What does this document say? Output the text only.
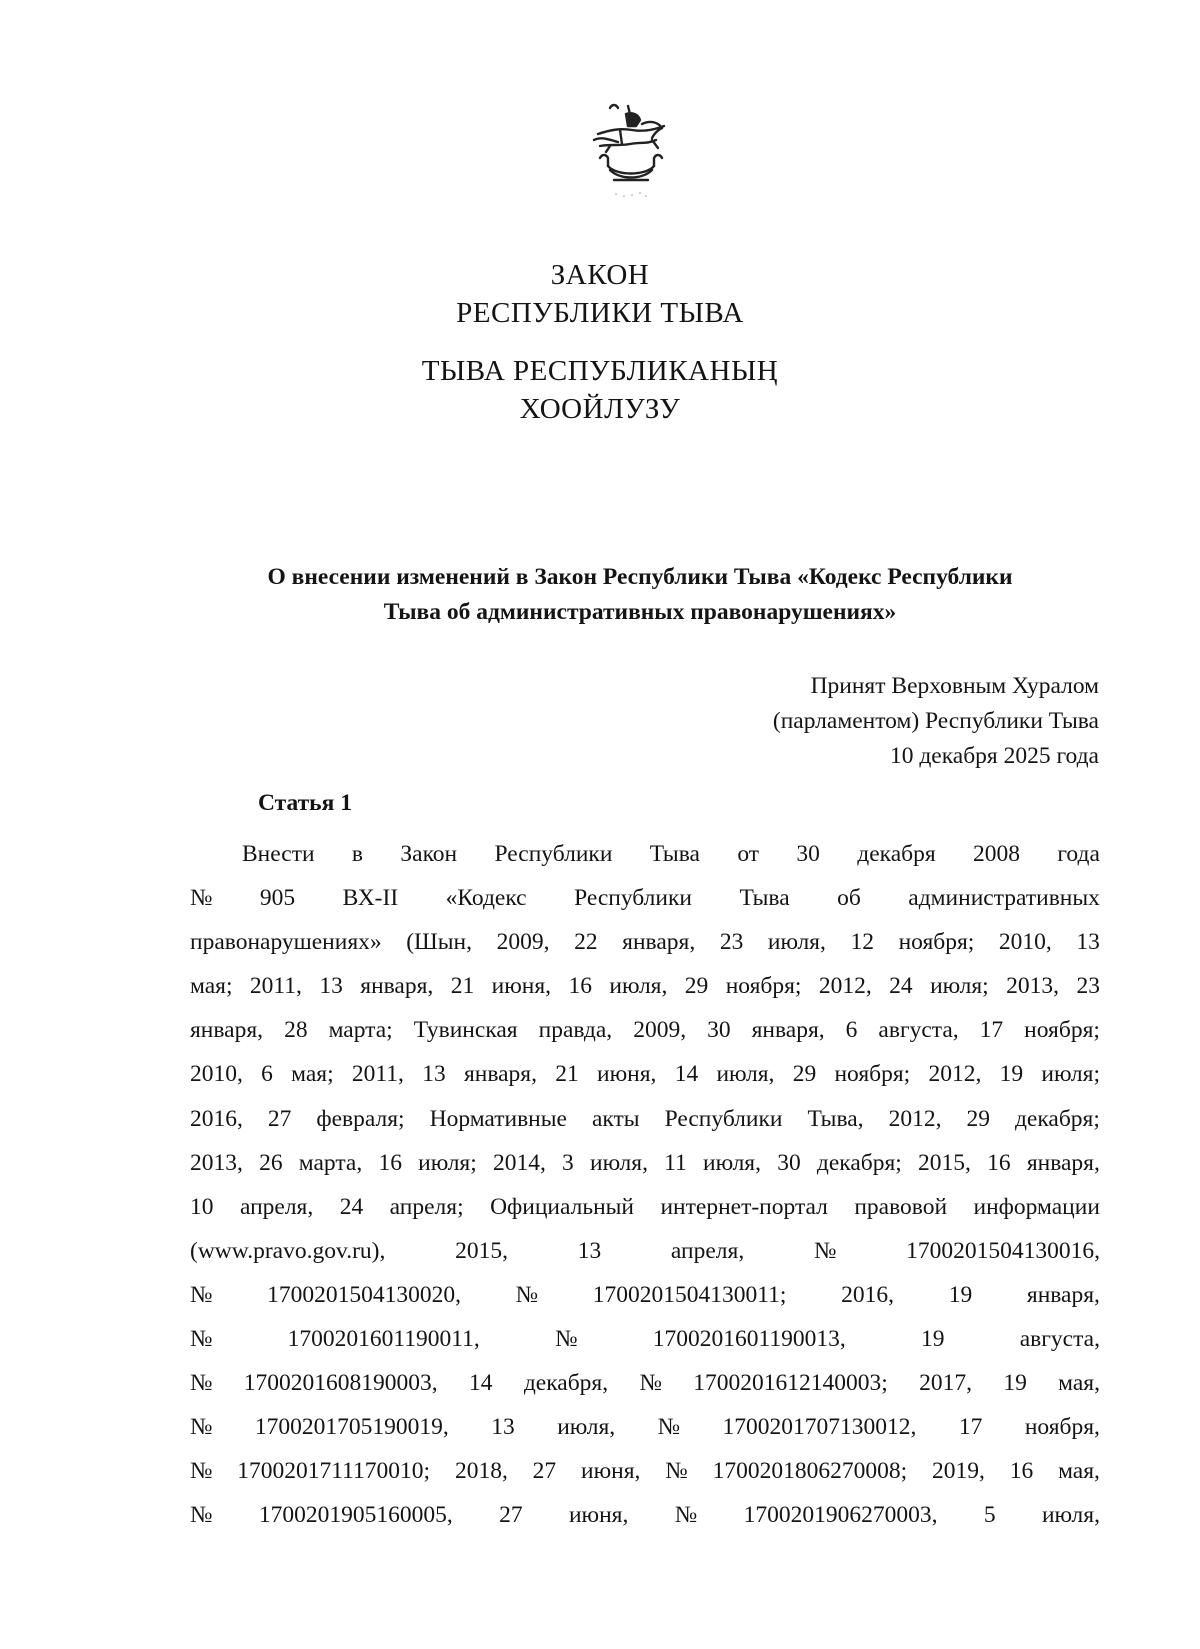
ЗАКОН
РЕСПУБЛИКИ ТЫВА
ТЫВА РЕСПУБЛИКАНЫҢ
ХООЙЛУЗУ
О внесении изменений в Закон Республики Тыва «Кодекс Республики
Тыва об административных правонарушениях»
Принят Верховным Хуралом
(парламентом) Республики Тыва
10 декабря 2025 года
Статья 1
Внести в Закон Республики Тыва от 30 декабря 2008 года
№ 905 ВХ-II «Кодекс Республики Тыва об административных
правонарушениях» (Шын, 2009, 22 января, 23 июля, 12 ноября; 2010, 13
мая; 2011, 13 января, 21 июня, 16 июля, 29 ноября; 2012, 24 июля; 2013, 23
января, 28 марта; Тувинская правда, 2009, 30 января, 6 августа, 17 ноября;
2010, 6 мая; 2011, 13 января, 21 июня, 14 июля, 29 ноября; 2012, 19 июля;
2016, 27 февраля; Нормативные акты Республики Тыва, 2012, 29 декабря;
2013, 26 марта, 16 июля; 2014, 3 июля, 11 июля, 30 декабря; 2015, 16 января,
10 апреля, 24 апреля; Официальный интернет-портал правовой информации
(www.pravo.gov.ru),	2015,	13	апреля,	№	1700201504130016,
№ 1700201504130020, № 1700201504130011; 2016, 19 января,
№	1700201601190011,	№	1700201601190013,	19	августа,
№ 1700201608190003, 14 декабря, № 1700201612140003; 2017, 19 мая,
№ 1700201705190019, 13 июля, № 1700201707130012, 17 ноября,
№ 1700201711170010; 2018, 27 июня, № 1700201806270008; 2019, 16 мая,
№ 1700201905160005, 27 июня, № 1700201906270003, 5 июля,
